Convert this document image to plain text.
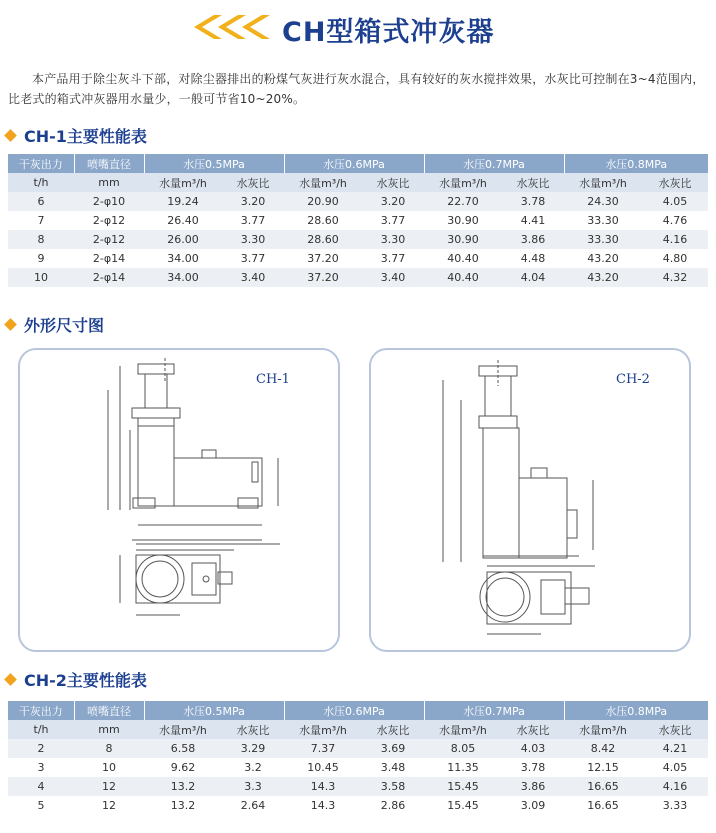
CH型箱式冲灰器
本产品用于除尘灰斗下部，对除尘器排出的粉煤气灰进行灰水混合，具有较好的灰水搅拌效果，水灰比可控制在3~4范围内，比老式的箱式冲灰器用水量少，一般可节省10~20%。
CH-1主要性能表
干灰出力	喷嘴直径	水压0.5MPa		水压0.6MPa		水压0.7MPa		水压0.8MPa	
t/h	mm	水量m³/h	水灰比	水量m³/h	水灰比	水量m³/h	水灰比	水量m³/h	水灰比
6	2-φ10	19.24	3.20	20.90	3.20	22.70	3.78	24.30	4.05
7	2-φ12	26.40	3.77	28.60	3.77	30.90	4.41	33.30	4.76
8	2-φ12	26.00	3.30	28.60	3.30	30.90	3.86	33.30	4.16
9	2-φ14	34.00	3.77	37.20	3.77	40.40	4.48	43.20	4.80
10	2-φ14	34.00	3.40	37.20	3.40	40.40	4.04	43.20	4.32
外形尺寸图
CH-1	CH-2
CH-2主要性能表
干灰出力	喷嘴直径	水压0.5MPa		水压0.6MPa		水压0.7MPa		水压0.8MPa	
t/h	mm	水量m³/h	水灰比	水量m³/h	水灰比	水量m³/h	水灰比	水量m³/h	水灰比
2	8	6.58	3.29	7.37	3.69	8.05	4.03	8.42	4.21
3	10	9.62	3.2	10.45	3.48	11.35	3.78	12.15	4.05
4	12	13.2	3.3	14.3	3.58	15.45	3.86	16.65	4.16
5	12	13.2	2.64	14.3	2.86	15.45	3.09	16.65	3.33
